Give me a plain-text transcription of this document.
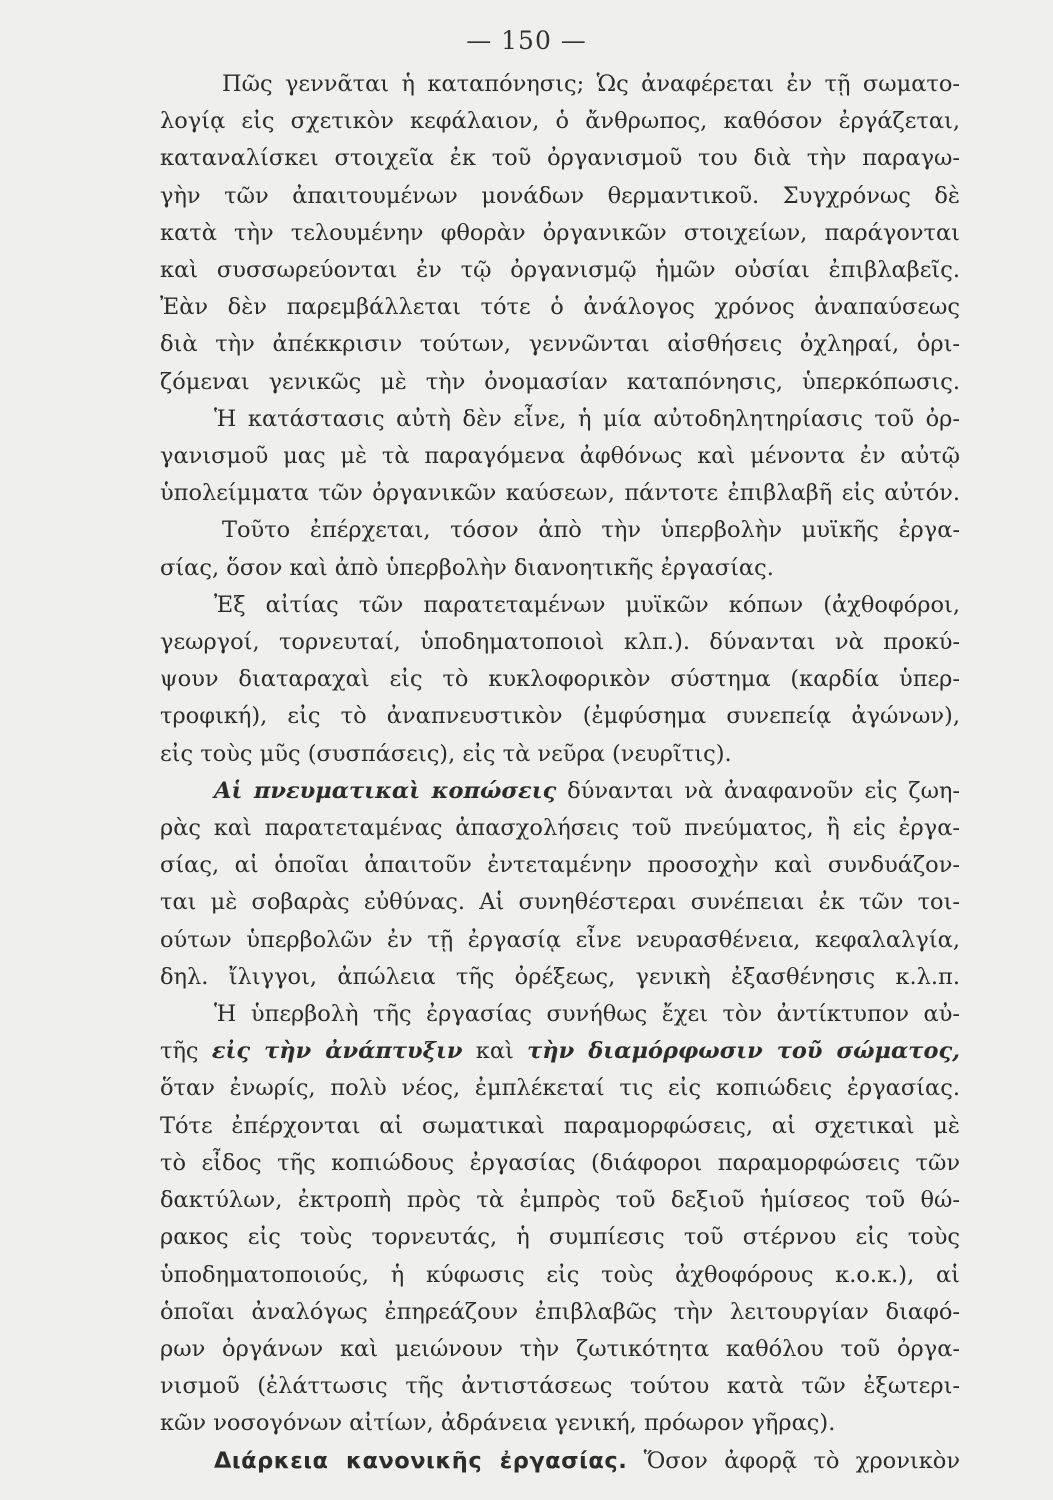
— 150 —
Πῶς γεννᾶται ἡ καταπόνησις; Ὡς ἀναφέρεται ἐν τῇ σωματο-
λογίᾳ εἰς σχετικὸν κεφάλαιον, ὁ ἄνθρωπος, καθόσον ἐργάζεται,
καταναλίσκει στοιχεῖα ἐκ τοῦ ὀργανισμοῦ του διὰ τὴν παραγω-
γὴν τῶν ἀπαιτουμένων μονάδων θερμαντικοῦ. Συγχρόνως δὲ
κατὰ τὴν τελουμένην φθορὰν ὀργανικῶν στοιχείων, παράγονται
καὶ συσσωρεύονται ἐν τῷ ὀργανισμῷ ἡμῶν οὐσίαι ἐπιβλαβεῖς.
Ἐὰν δὲν παρεμβάλλεται τότε ὁ ἀνάλογος χρόνος ἀναπαύσεως
διὰ τὴν ἀπέκκρισιν τούτων, γεννῶνται αἰσθήσεις ὀχληραί, ὁρι-
ζόμεναι γενικῶς μὲ τὴν ὀνομασίαν καταπόνησις, ὑπερκόπωσις.
Ἡ κατάστασις αὐτὴ δὲν εἶνε, ἡ μία αὐτοδηλητηρίασις τοῦ ὀρ-
γανισμοῦ μας μὲ τὰ παραγόμενα ἀφθόνως καὶ μένοντα ἐν αὐτῷ
ὑπολείμματα τῶν ὀργανικῶν καύσεων, πάντοτε ἐπιβλαβῆ εἰς αὐτόν.
Τοῦτο ἐπέρχεται, τόσον ἀπὸ τὴν ὑπερβολὴν μυϊκῆς ἐργα-
σίας, ὅσον καὶ ἀπὸ ὑπερβολὴν διανοητικῆς ἐργασίας.
Ἐξ αἰτίας τῶν παρατεταμένων μυϊκῶν κόπων (ἀχθοφόροι,
γεωργοί, τορνευταί, ὑποδηματοποιοὶ κλπ.). δύνανται νὰ προκύ-
ψουν διαταραχαὶ εἰς τὸ κυκλοφορικὸν σύστημα (καρδία ὑπερ-
τροφική), εἰς τὸ ἀναπνευστικὸν (ἐμφύσημα συνεπείᾳ ἀγώνων),
εἰς τοὺς μῦς (συσπάσεις), εἰς τὰ νεῦρα (νευρῖτις).
Αἱ πνευματικαὶ κοπώσεις δύνανται νὰ ἀναφανοῦν εἰς ζωη-
ρὰς καὶ παρατεταμένας ἀπασχολήσεις τοῦ πνεύματος, ἢ εἰς ἐργα-
σίας, αἱ ὁποῖαι ἀπαιτοῦν ἐντεταμένην προσοχὴν καὶ συνδυάζον-
ται μὲ σοβαρὰς εὐθύνας. Αἱ συνηθέστεραι συνέπειαι ἐκ τῶν τοι-
ούτων ὑπερβολῶν ἐν τῇ ἐργασίᾳ εἶνε νευρασθένεια, κεφαλαλγία,
δηλ. ἴλιγγοι, ἀπώλεια τῆς ὀρέξεως, γενικὴ ἐξασθένησις κ.λ.π.
Ἡ ὑπερβολὴ τῆς ἐργασίας συνήθως ἔχει τὸν ἀντίκτυπον αὐ-
τῆς εἰς τὴν ἀνάπτυξιν καὶ τὴν διαμόρφωσιν τοῦ σώματος,
ὅταν ἐνωρίς, πολὺ νέος, ἐμπλέκεταί τις εἰς κοπιώδεις ἐργασίας.
Τότε ἐπέρχονται αἱ σωματικαὶ παραμορφώσεις, αἱ σχετικαὶ μὲ
τὸ εἶδος τῆς κοπιώδους ἐργασίας (διάφοροι παραμορφώσεις τῶν
δακτύλων, ἐκτροπὴ πρὸς τὰ ἐμπρὸς τοῦ δεξιοῦ ἡμίσεος τοῦ θώ-
ρακος εἰς τοὺς τορνευτάς, ἡ συμπίεσις τοῦ στέρνου εἰς τοὺς
ὑποδηματοποιούς, ἡ κύφωσις εἰς τοὺς ἀχθοφόρους κ.ο.κ.), αἱ
ὁποῖαι ἀναλόγως ἐπηρεάζουν ἐπιβλαβῶς τὴν λειτουργίαν διαφό-
ρων ὀργάνων καὶ μειώνουν τὴν ζωτικότητα καθόλου τοῦ ὀργα-
νισμοῦ (ἐλάττωσις τῆς ἀντιστάσεως τούτου κατὰ τῶν ἐξωτερι-
κῶν νοσογόνων αἰτίων, ἀδράνεια γενική, πρόωρον γῆρας).
Διάρκεια κανονικῆς ἐργασίας. Ὅσον ἀφορᾷ τὸ χρονικὸν
